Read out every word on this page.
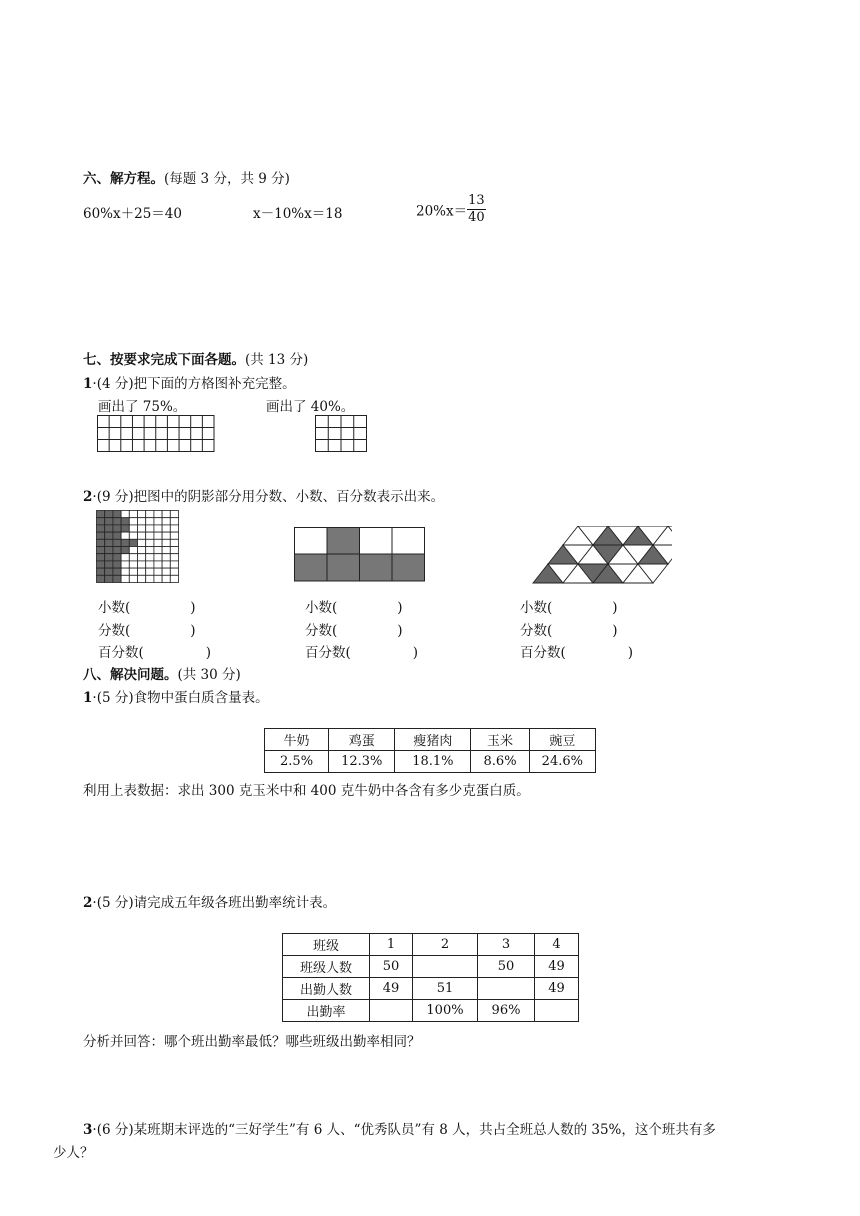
六、解方程。(每题 3 分，共 9 分)
60%x＋25＝40	x－10%x＝18	$20\%x= \frac{13}{40}$
七、按要求完成下面各题。(共 13 分)
1·(4 分)把下面的方格图补充完整。
画出了 75%。	画出了 40%。
2·(9 分)把图中的阴影部分用分数、小数、百分数表示出来。
小数(	)
分数(	)
百分数(	)
小数(	)
分数(	)
百分数(	)
小数(	)
分数(	)
百分数(	)
八、解决问题。(共 30 分)
1·(5 分)食物中蛋白质含量表。
牛奶	鸡蛋	瘦猪肉	玉米	豌豆
2.5%	12.3%	18.1%	8.6%	24.6%
利用上表数据：求出 300 克玉米中和 400 克牛奶中各含有多少克蛋白质。
2·(5 分)请完成五年级各班出勤率统计表。
班级	1	2	3	4
班级人数	50		50	49
出勤人数	49	51		49
出勤率		100%	96%	
分析并回答：哪个班出勤率最低？哪些班级出勤率相同？
3·(6 分)某班期末评选的“三好学生”有 6 人、“优秀队员”有 8 人，共占全班总人数的 35%，这个班共有多
少人？
